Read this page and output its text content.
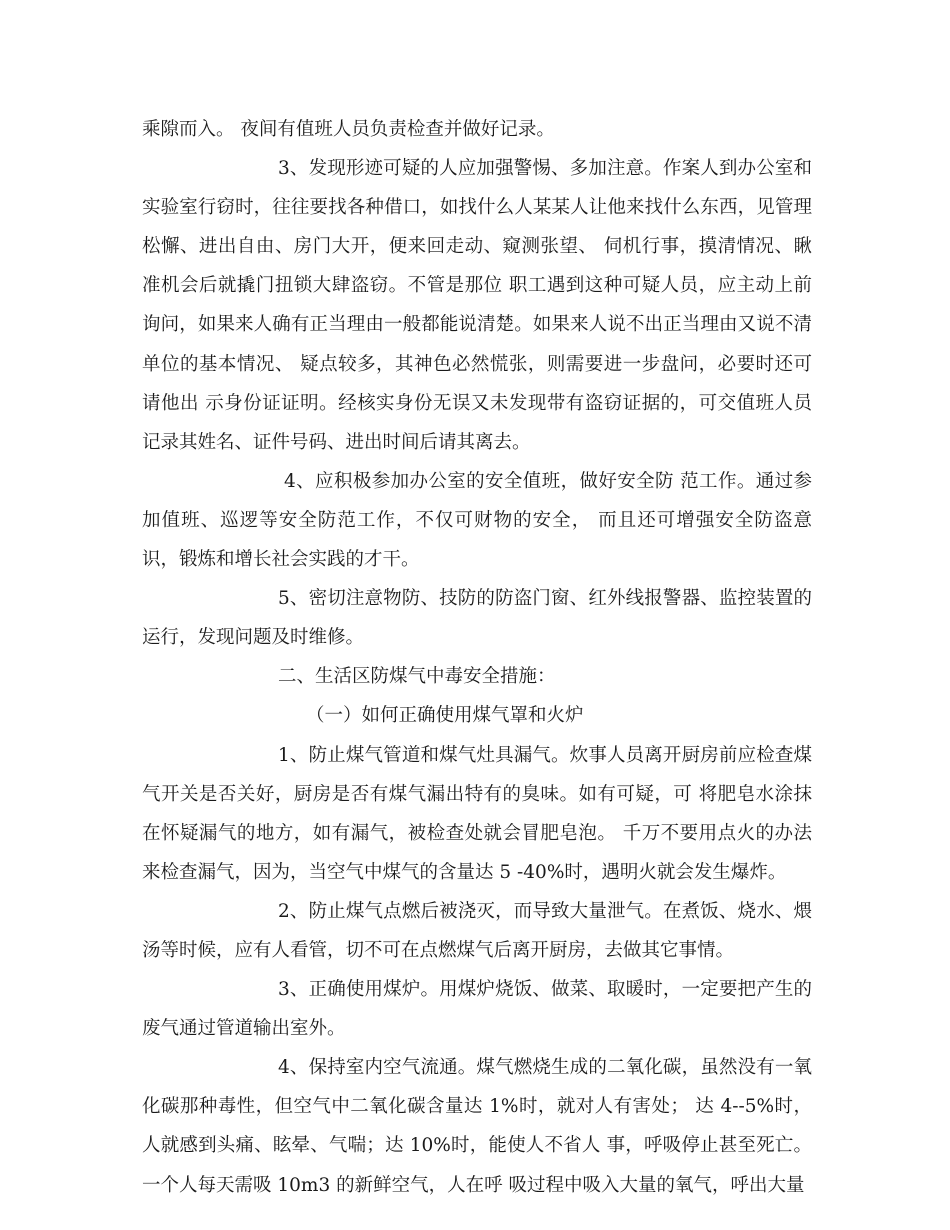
乘隙而入。 夜间有值班人员负责检查并做好记录。

3、发现形迹可疑的人应加强警惕、多加注意。作案人到办公室和实验室行窃时，往往要找各种借口，如找什么人某某人让他来找什么东西，见管理松懈、进出自由、房门大开，便来回走动、窥测张望、 伺机行事，摸清情况、瞅准机会后就撬门扭锁大肆盗窃。不管是那位 职工遇到这种可疑人员，应主动上前询问，如果来人确有正当理由一般都能说清楚。如果来人说不出正当理由又说不清单位的基本情况、 疑点较多，其神色必然慌张，则需要进一步盘问，必要时还可请他出 示身份证证明。经核实身份无误又未发现带有盗窃证据的，可交值班人员记录其姓名、证件号码、进出时间后请其离去。

4、应积极参加办公室的安全值班，做好安全防 范工作。通过参加值班、巡逻等安全防范工作，不仅可财物的安全， 而且还可增强安全防盗意识，锻炼和增长社会实践的才干。

5、密切注意物防、技防的防盗门窗、红外线报警器、监控装置的运行，发现问题及时维修。

二、生活区防煤气中毒安全措施：

（一）如何正确使用煤气罩和火炉

1、防止煤气管道和煤气灶具漏气。炊事人员离开厨房前应检查煤气开关是否关好，厨房是否有煤气漏出特有的臭味。如有可疑，可 将肥皂水涂抹在怀疑漏气的地方，如有漏气，被检查处就会冒肥皂泡。 千万不要用点火的办法来检查漏气，因为，当空气中煤气的含量达 5 -40%时，遇明火就会发生爆炸。

2、防止煤气点燃后被浇灭，而导致大量泄气。在煮饭、烧水、煨汤等时候，应有人看管，切不可在点燃煤气后离开厨房，去做其它事情。

3、正确使用煤炉。用煤炉烧饭、做菜、取暖时，一定要把产生的废气通过管道输出室外。

4、保持室内空气流通。煤气燃烧生成的二氧化碳，虽然没有一氧化碳那种毒性，但空气中二氧化碳含量达 1%时，就对人有害处； 达 4--5%时，人就感到头痛、眩晕、气喘；达 10%时，能使人不省人 事，呼吸停止甚至死亡。一个人每天需吸 10m3 的新鲜空气，人在呼 吸过程中吸入大量的氧气，呼出大量
